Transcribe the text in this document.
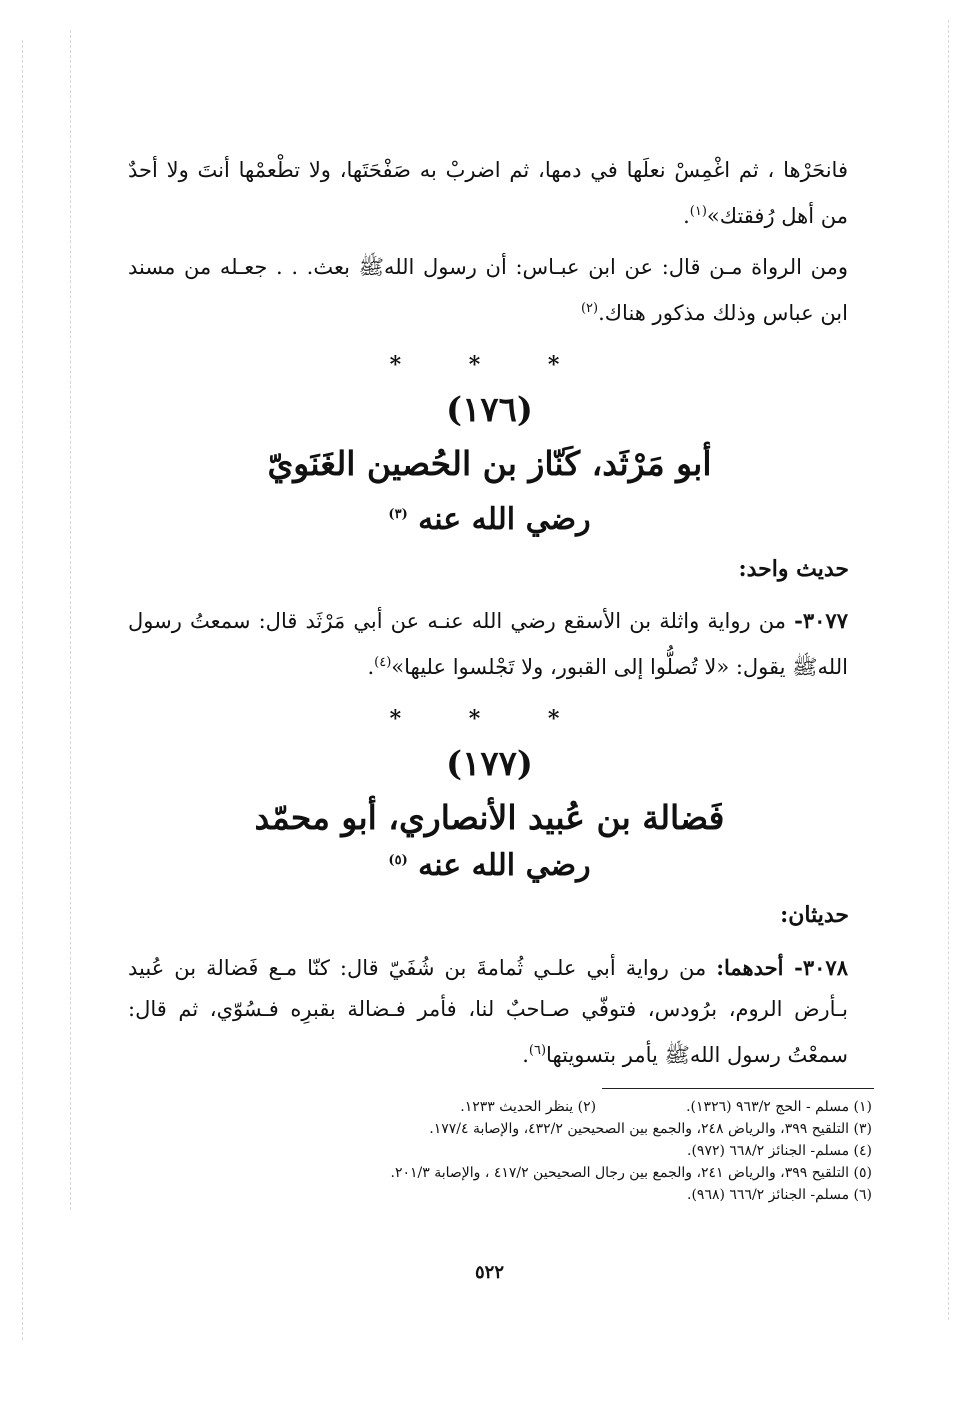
فانحَرْها ، ثم اغْمِسْ نعلَها في دمها، ثم اضربْ به صَفْحَتَها، ولا تطْعمْها أنتَ ولا أحدٌ من أهل رُفقتك»$^{(١)}$.

ومن الرواة مـن قال: عن ابن عبـاس: أن رسول اللهﷺ بعث. . . جعـله من مسند ابن عباس وذلك مذكور هناك.$^{(٢)}$

* * *
(١٧٦)
أبو مَرْثَد، كَنّاز بن الحُصين الغَنَويّ
رضي الله عنه $^{(٣)}$
حديث واحد:

٣٠٧٧- من رواية واثلة بن الأسقع رضي الله عنـه عن أبي مَرْثَد قال: سمعتُ رسول اللهﷺ يقول: «لا تُصلُّوا إلى القبور، ولا تَجْلسوا عليها»$^{(٤)}$.

* * *
(١٧٧)
فَضالة بن عُبيد الأنصاري، أبو محمّد
رضي الله عنه $^{(٥)}$
حديثان:

٣٠٧٨- أحدهما: من رواية أبي علـي ثُمامةَ بن شُفَيّ قال: كنّا مـع فَضالة بن عُبيد بـأرض الروم، برُودس، فتوفّي صـاحبٌ لنا، فأمر فـضالة بقبرِه فـسُوّي، ثم قال: سمعْتُ رسول اللهﷺ يأمر بتسويتها$^{(٦)}$.

(١) مسلم - الحج ٩٦٣/٢ (١٣٢٦).
(٢) ينظر الحديث ١٢٣٣.
(٣) التلقيح ٣٩٩، والرياض ٢٤٨، والجمع بين الصحيحين ٤٣٢/٢، والإصابة ١٧٧/٤.
(٤) مسلم- الجنائز ٦٦٨/٢ (٩٧٢).
(٥) التلقيح ٣٩٩، والرياض ٢٤١، والجمع بين رجال الصحيحين ٤١٧/٢ ، والإصابة ٢٠١/٣.
(٦) مسلم- الجنائز ٦٦٦/٢ (٩٦٨).
٥٢٢
